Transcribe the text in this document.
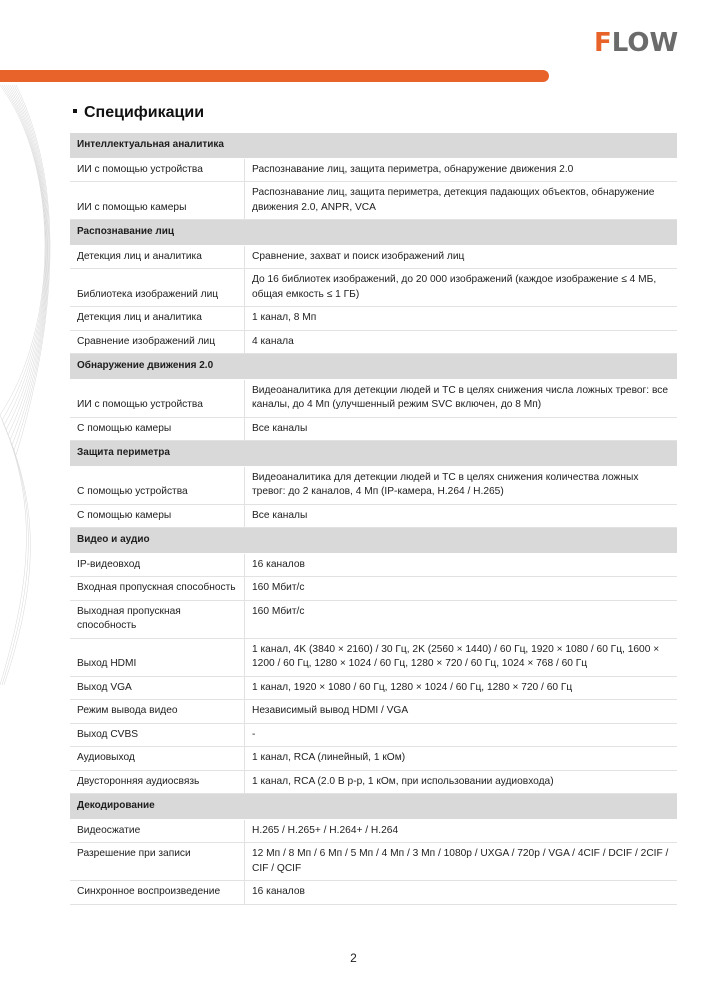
FLOW
Спецификации
Интеллектуальная аналитика	
ИИ с помощью устройства	Распознавание лиц, защита периметра, обнаружение движения 2.0
ИИ с помощью камеры	Распознавание лиц, защита периметра, детекция падающих объектов, обнаружение движения 2.0, ANPR, VCA
Распознавание лиц	
Детекция лиц и аналитика	Сравнение, захват и поиск изображений лиц
Библиотека изображений лиц	До 16 библиотек изображений, до 20 000 изображений (каждое изображение ≤ 4 МБ, общая емкость ≤ 1 ГБ)
Детекция лиц и аналитика	1 канал, 8 Мп
Сравнение изображений лиц	4 канала
Обнаружение движения 2.0	
ИИ с помощью устройства	Видеоаналитика для детекции людей и ТС в целях снижения числа ложных тревог: все каналы, до 4 Мп (улучшенный режим SVC включен, до 8 Мп)
С помощью камеры	Все каналы
Защита периметра	
С помощью устройства	Видеоаналитика для детекции людей и ТС в целях снижения количества ложных тревог: до 2 каналов, 4 Мп (IP-камера, H.264 / H.265)
С помощью камеры	Все каналы
Видео и аудио	
IP-видеовход	16 каналов
Входная пропускная способность	160 Мбит/с
Выходная пропускная способность	160 Мбит/с
Выход HDMI	1 канал, 4K (3840 × 2160) / 30 Гц, 2K (2560 × 1440) / 60 Гц, 1920 × 1080 / 60 Гц, 1600 × 1200 / 60 Гц, 1280 × 1024 / 60 Гц, 1280 × 720 / 60 Гц, 1024 × 768 / 60 Гц
Выход VGA	1 канал, 1920 × 1080 / 60 Гц, 1280 × 1024 / 60 Гц, 1280 × 720 / 60 Гц
Режим вывода видео	Независимый вывод HDMI / VGA
Выход CVBS	-
Аудиовыход	1 канал, RCA (линейный, 1 кОм)
Двусторонняя аудиосвязь	1 канал, RCA (2.0 В р-р, 1 кОм, при использовании аудиовхода)
Декодирование	
Видеосжатие	H.265 / H.265+ / H.264+ / H.264
Разрешение при записи	12 Мп / 8 Мп / 6 Мп / 5 Мп / 4 Мп / 3 Мп / 1080p / UXGA / 720p / VGA / 4CIF / DCIF / 2CIF / CIF / QCIF
Синхронное воспроизведение	16 каналов
2
